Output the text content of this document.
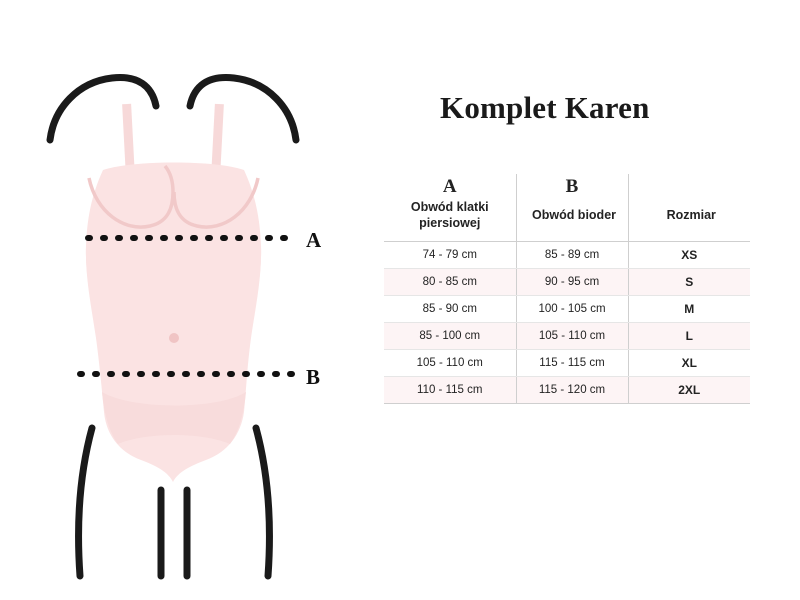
A
B
Komplet Karen
A	B	
Obwód klatki piersiowej	Obwód bioder	Rozmiar
74 - 79 cm	85 - 89 cm	XS
80 - 85 cm	90 - 95 cm	S
85 - 90 cm	100 - 105 cm	M
85 - 100 cm	105 - 110 cm	L
105 - 110 cm	115 - 115 cm	XL
110 - 115 cm	115 - 120 cm	2XL
